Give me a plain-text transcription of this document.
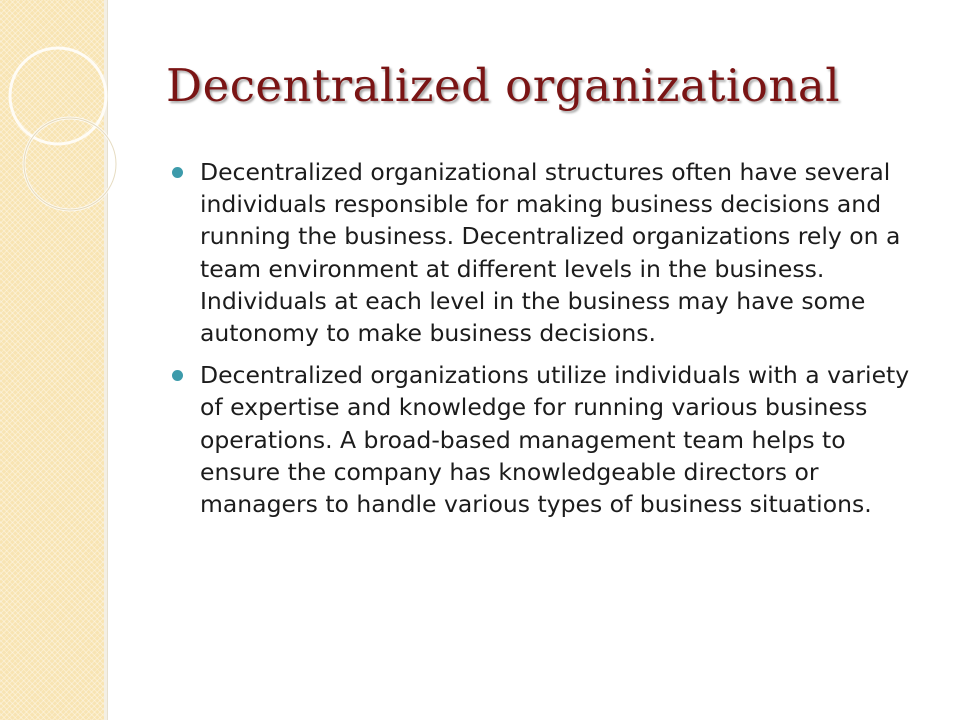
Decentralized organizational
Decentralized organizational structures often have several individuals responsible for making business decisions and running the business. Decentralized organizations rely on a team environment at different levels in the business. Individuals at each level in the business may have some autonomy to make business decisions.
Decentralized organizations utilize individuals with a variety of expertise and knowledge for running various business operations. A broad-based management team helps to ensure the company has knowledgeable directors or managers to handle various types of business situations.
